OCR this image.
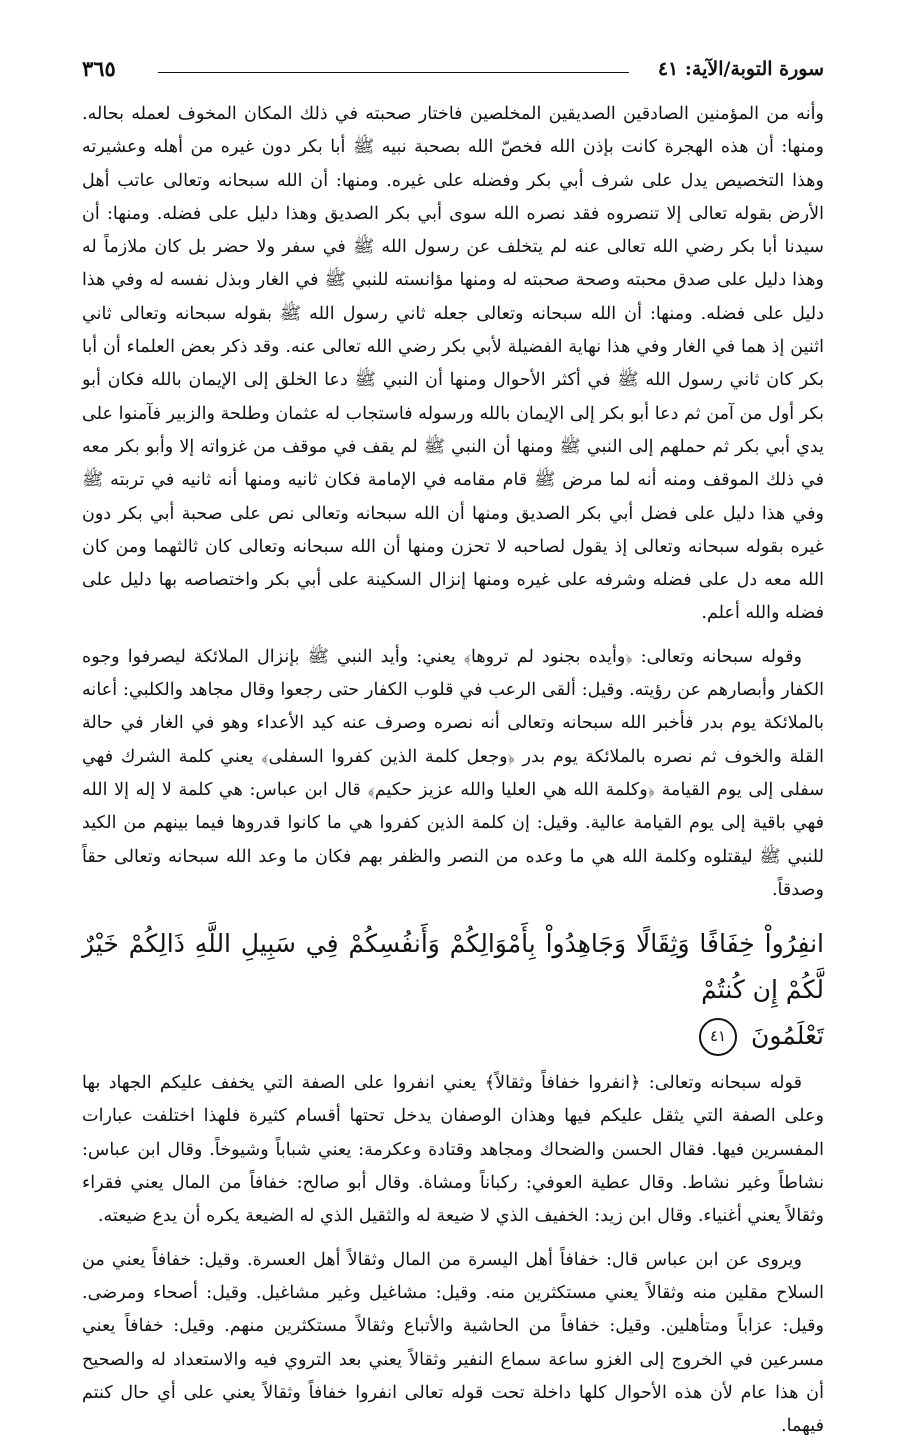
سورة التوبة/الآية: ٤١
٣٦٥

وأنه من المؤمنين الصادقين الصديقين المخلصين فاختار صحبته في ذلك المكان المخوف لعمله بحاله. ومنها: أن هذه الهجرة كانت بإذن الله فخصّ الله بصحبة نبيه ﷺ أبا بكر دون غيره من أهله وعشيرته وهذا التخصيص يدل على شرف أبي بكر وفضله على غيره. ومنها: أن الله سبحانه وتعالى عاتب أهل الأرض بقوله تعالى إلا تنصروه فقد نصره الله سوى أبي بكر الصديق وهذا دليل على فضله. ومنها: أن سيدنا أبا بكر رضي الله تعالى عنه لم يتخلف عن رسول الله ﷺ في سفر ولا حضر بل كان ملازماً له وهذا دليل على صدق محبته وصحة صحبته له ومنها مؤانسته للنبي ﷺ في الغار وبذل نفسه له وفي هذا دليل على فضله. ومنها: أن الله سبحانه وتعالى جعله ثاني رسول الله ﷺ بقوله سبحانه وتعالى ثاني اثنين إذ هما في الغار وفي هذا نهاية الفضيلة لأبي بكر رضي الله تعالى عنه. وقد ذكر بعض العلماء أن أبا بكر كان ثاني رسول الله ﷺ في أكثر الأحوال ومنها أن النبي ﷺ دعا الخلق إلى الإيمان بالله فكان أبو بكر أول من آمن ثم دعا أبو بكر إلى الإيمان بالله ورسوله فاستجاب له عثمان وطلحة والزبير فآمنوا على يدي أبي بكر ثم حملهم إلى النبي ﷺ ومنها أن النبي ﷺ لم يقف في موقف من غزواته إلا وأبو بكر معه في ذلك الموقف ومنه أنه لما مرض ﷺ قام مقامه في الإمامة فكان ثانيه ومنها أنه ثانيه في تربته ﷺ وفي هذا دليل على فضل أبي بكر الصديق ومنها أن الله سبحانه وتعالى نص على صحبة أبي بكر دون غيره بقوله سبحانه وتعالى إذ يقول لصاحبه لا تحزن ومنها أن الله سبحانه وتعالى كان ثالثهما ومن كان الله معه دل على فضله وشرفه على غيره ومنها إنزال السكينة على أبي بكر واختصاصه بها دليل على فضله والله أعلم.

وقوله سبحانه وتعالى: ﴿وأيده بجنود لم تروها﴾ يعني: وأيد النبي ﷺ بإنزال الملائكة ليصرفوا وجوه الكفار وأبصارهم عن رؤيته. وقيل: ألقى الرعب في قلوب الكفار حتى رجعوا وقال مجاهد والكلبي: أعانه بالملائكة يوم بدر فأخبر الله سبحانه وتعالى أنه نصره وصرف عنه كيد الأعداء وهو في الغار في حالة القلة والخوف ثم نصره بالملائكة يوم بدر ﴿وجعل كلمة الذين كفروا السفلى﴾ يعني كلمة الشرك فهي سفلى إلى يوم القيامة ﴿وكلمة الله هي العليا والله عزيز حكيم﴾ قال ابن عباس: هي كلمة لا إله إلا الله فهي باقية إلى يوم القيامة عالية. وقيل: إن كلمة الذين كفروا هي ما كانوا قدروها فيما بينهم من الكيد للنبي ﷺ ليقتلوه وكلمة الله هي ما وعده من النصر والظفر بهم فكان ما وعد الله سبحانه وتعالى حقاً وصدقاً.

انفِرُواْ خِفَافًا وَثِقَالًا وَجَاهِدُواْ بِأَمْوَالِكُمْ وَأَنفُسِكُمْ فِي سَبِيلِ اللَّهِ ذَالِكُمْ خَيْرٌ لَّكُمْ إِن كُنتُمْ
تَعْلَمُونَ ٤١

قوله سبحانه وتعالى: ﴿انفروا خفافاً وثقالاً﴾ يعني انفروا على الصفة التي يخفف عليكم الجهاد بها وعلى الصفة التي يثقل عليكم فيها وهذان الوصفان يدخل تحتها أقسام كثيرة فلهذا اختلفت عبارات المفسرين فيها. فقال الحسن والضحاك ومجاهد وقتادة وعكرمة: يعني شباباً وشيوخاً. وقال ابن عباس: نشاطاً وغير نشاط. وقال عطية العوفي: ركباناً ومشاة. وقال أبو صالح: خفافاً من المال يعني فقراء وثقالاً يعني أغنياء. وقال ابن زيد: الخفيف الذي لا ضيعة له والثقيل الذي له الضيعة يكره أن يدع ضيعته.

ويروى عن ابن عباس قال: خفافاً أهل اليسرة من المال وثقالاً أهل العسرة. وقيل: خفافاً يعني من السلاح مقلين منه وثقالاً يعني مستكثرين منه. وقيل: مشاغيل وغير مشاغيل. وقيل: أصحاء ومرضى. وقيل: عزاباً ومتأهلين. وقيل: خفافاً من الحاشية والأتباع وثقالاً مستكثرين منهم. وقيل: خفافاً يعني مسرعين في الخروج إلى الغزو ساعة سماع النفير وثقالاً يعني بعد التروي فيه والاستعداد له والصحيح أن هذا عام لأن هذه الأحوال كلها داخلة تحت قوله تعالى انفروا خفافاً وثقالاً يعني على أي حال كنتم فيهما.
